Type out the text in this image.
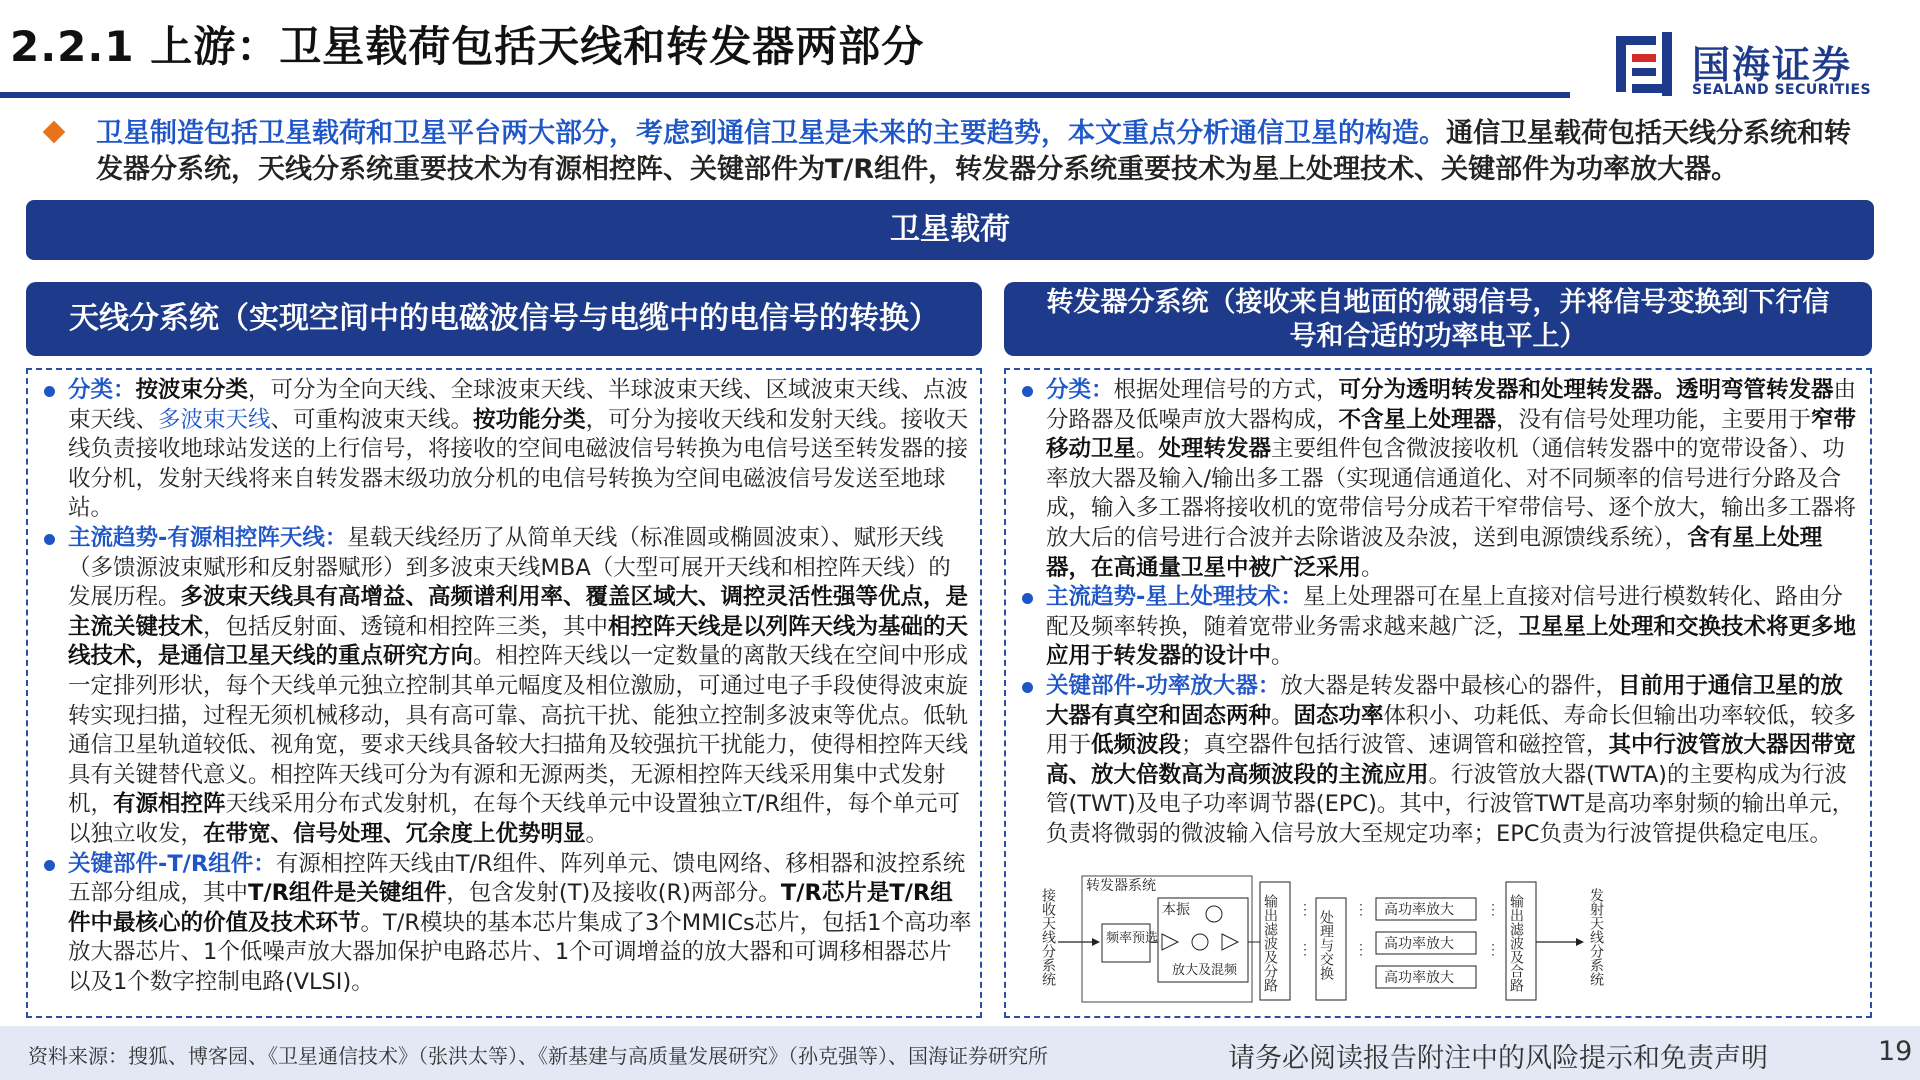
2.2.1 上游：卫星载荷包括天线和转发器两部分	国海证券
SEALAND SECURITIES
卫星制造包括卫星载荷和卫星平台两大部分，考虑到通信卫星是未来的主要趋势，本文重点分析通信卫星的构造。通信卫星载荷包括天线分系统和转发器分系统，天线分系统重要技术为有源相控阵、关键部件为T/R组件，转发器分系统重要技术为星上处理技术、关键部件为功率放大器。
卫星载荷
天线分系统（实现空间中的电磁波信号与电缆中的电信号的转换）	转发器分系统（接收来自地面的微弱信号，并将信号变换到下行信
号和合适的功率电平上）
分类：按波束分类，可分为全向天线、全球波束天线、半球波束天线、区域波束天线、点波束天线、多波束天线、可重构波束天线。按功能分类，可分为接收天线和发射天线。接收天线负责接收地球站发送的上行信号，将接收的空间电磁波信号转换为电信号送至转发器的接收分机，发射天线将来自转发器末级功放分机的电信号转换为空间电磁波信号发送至地球站。
主流趋势-有源相控阵天线：星载天线经历了从简单天线（标准圆或椭圆波束）、赋形天线（多馈源波束赋形和反射器赋形）到多波束天线MBA（大型可展开天线和相控阵天线）的发展历程。多波束天线具有高增益、高频谱利用率、覆盖区域大、调控灵活性强等优点，是主流关键技术，包括反射面、透镜和相控阵三类，其中相控阵天线是以列阵天线为基础的天线技术，是通信卫星天线的重点研究方向。相控阵天线以一定数量的离散天线在空间中形成一定排列形状，每个天线单元独立控制其单元幅度及相位激励，可通过电子手段使得波束旋转实现扫描，过程无须机械移动，具有高可靠、高抗干扰、能独立控制多波束等优点。低轨通信卫星轨道较低、视角宽，要求天线具备较大扫描角及较强抗干扰能力，使得相控阵天线具有关键替代意义。相控阵天线可分为有源和无源两类，无源相控阵天线采用集中式发射机，有源相控阵天线采用分布式发射机，在每个天线单元中设置独立T/R组件，每个单元可以独立收发，在带宽、信号处理、冗余度上优势明显。
关键部件-T/R组件：有源相控阵天线由T/R组件、阵列单元、馈电网络、移相器和波控系统五部分组成，其中T/R组件是关键组件，包含发射(T)及接收(R)两部分。T/R芯片是T/R组件中最核心的价值及技术环节。T/R模块的基本芯片集成了3个MMICs芯片，包括1个高功率放大器芯片、1个低噪声放大器加保护电路芯片、1个可调增益的放大器和可调移相器芯片以及1个数字控制电路(VLSI)。
分类：根据处理信号的方式，可分为透明转发器和处理转发器。透明弯管转发器由分路器及低噪声放大器构成，不含星上处理器，没有信号处理功能，主要用于窄带移动卫星。处理转发器主要组件包含微波接收机（通信转发器中的宽带设备）、功率放大器及输入/输出多工器（实现通信通道化、对不同频率的信号进行分路及合成，输入多工器将接收机的宽带信号分成若干窄带信号、逐个放大，输出多工器将放大后的信号进行合波并去除谐波及杂波，送到电源馈线系统），含有星上处理器，在高通量卫星中被广泛采用。
主流趋势-星上处理技术：星上处理器可在星上直接对信号进行模数转化、路由分配及频率转换，随着宽带业务需求越来越广泛，卫星星上处理和交换技术将更多地应用于转发器的设计中。
关键部件-功率放大器：放大器是转发器中最核心的器件，目前用于通信卫星的放大器有真空和固态两种。固态功率体积小、功耗低、寿命长但输出功率较低，较多用于低频波段；真空器件包括行波管、速调管和磁控管，其中行波管放大器因带宽高、放大倍数高为高频波段的主流应用。行波管放大器(TWTA)的主要构成为行波管(TWT)及电子功率调节器(EPC)。其中，行波管TWT是高功率射频的输出单元，负责将微弱的微波输入信号放大至规定功率；EPC负责为行波管提供稳定电压。
接收天线分系统
转发器系统
频率预选
本振
放大及混频 输出滤波及分路 ⋮
⋮ 处理与交换 ⋮
⋮
高功率放大
高功率放大
高功率放大
⋮
⋮ 输出滤波及合路	发射天线分系统
资料来源：搜狐、博客园、《卫星通信技术》（张洪太等）、《新基建与高质量发展研究》（孙克强等）、国海证券研究所	请务必阅读报告附注中的风险提示和免责声明	19
